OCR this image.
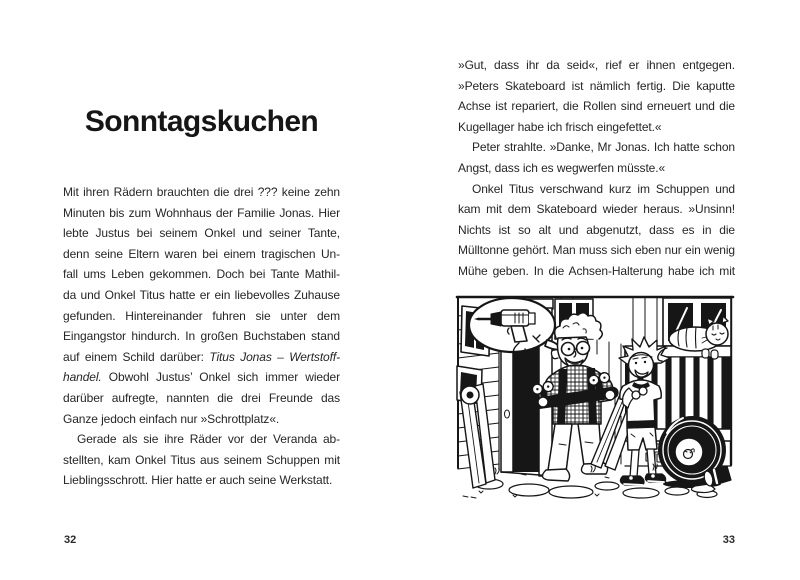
Sonntagskuchen
Mit ihren Rädern brauchten die drei ??? keine zehn
Minuten bis zum Wohnhaus der Familie Jonas. Hier
lebte Justus bei seinem Onkel und seiner Tante,
denn seine Eltern waren bei einem tragischen Un-
fall ums Leben gekommen. Doch bei Tante Mathil-
da und Onkel Titus hatte er ein liebevolles Zuhause
gefunden. Hintereinander fuhren sie unter dem
Eingangstor hindurch. In großen Buchstaben stand
auf einem Schild darüber: Titus Jonas – Wertstoff-
handel. Obwohl Justus’ Onkel sich immer wieder
darüber aufregte, nannten die drei Freunde das
Ganze jedoch einfach nur »Schrottplatz«.
Gerade als sie ihre Räder vor der Veranda ab-
stellten, kam Onkel Titus aus seinem Schuppen mit
Lieblingsschrott. Hier hatte er auch seine Werkstatt.
»Gut, dass ihr da seid«, rief er ihnen entgegen.
»Peters Skateboard ist nämlich fertig. Die kaputte
Achse ist repariert, die Rollen sind erneuert und die
Kugellager habe ich frisch eingefettet.«
Peter strahlte. »Danke, Mr Jonas. Ich hatte schon
Angst, dass ich es wegwerfen müsste.«
Onkel Titus verschwand kurz im Schuppen und
kam mit dem Skateboard wieder heraus. »Unsinn!
Nichts ist so alt und abgenutzt, dass es in die
Mülltonne gehört. Man muss sich eben nur ein wenig
Mühe geben. In die Achsen-Halterung habe ich mit
32	33
